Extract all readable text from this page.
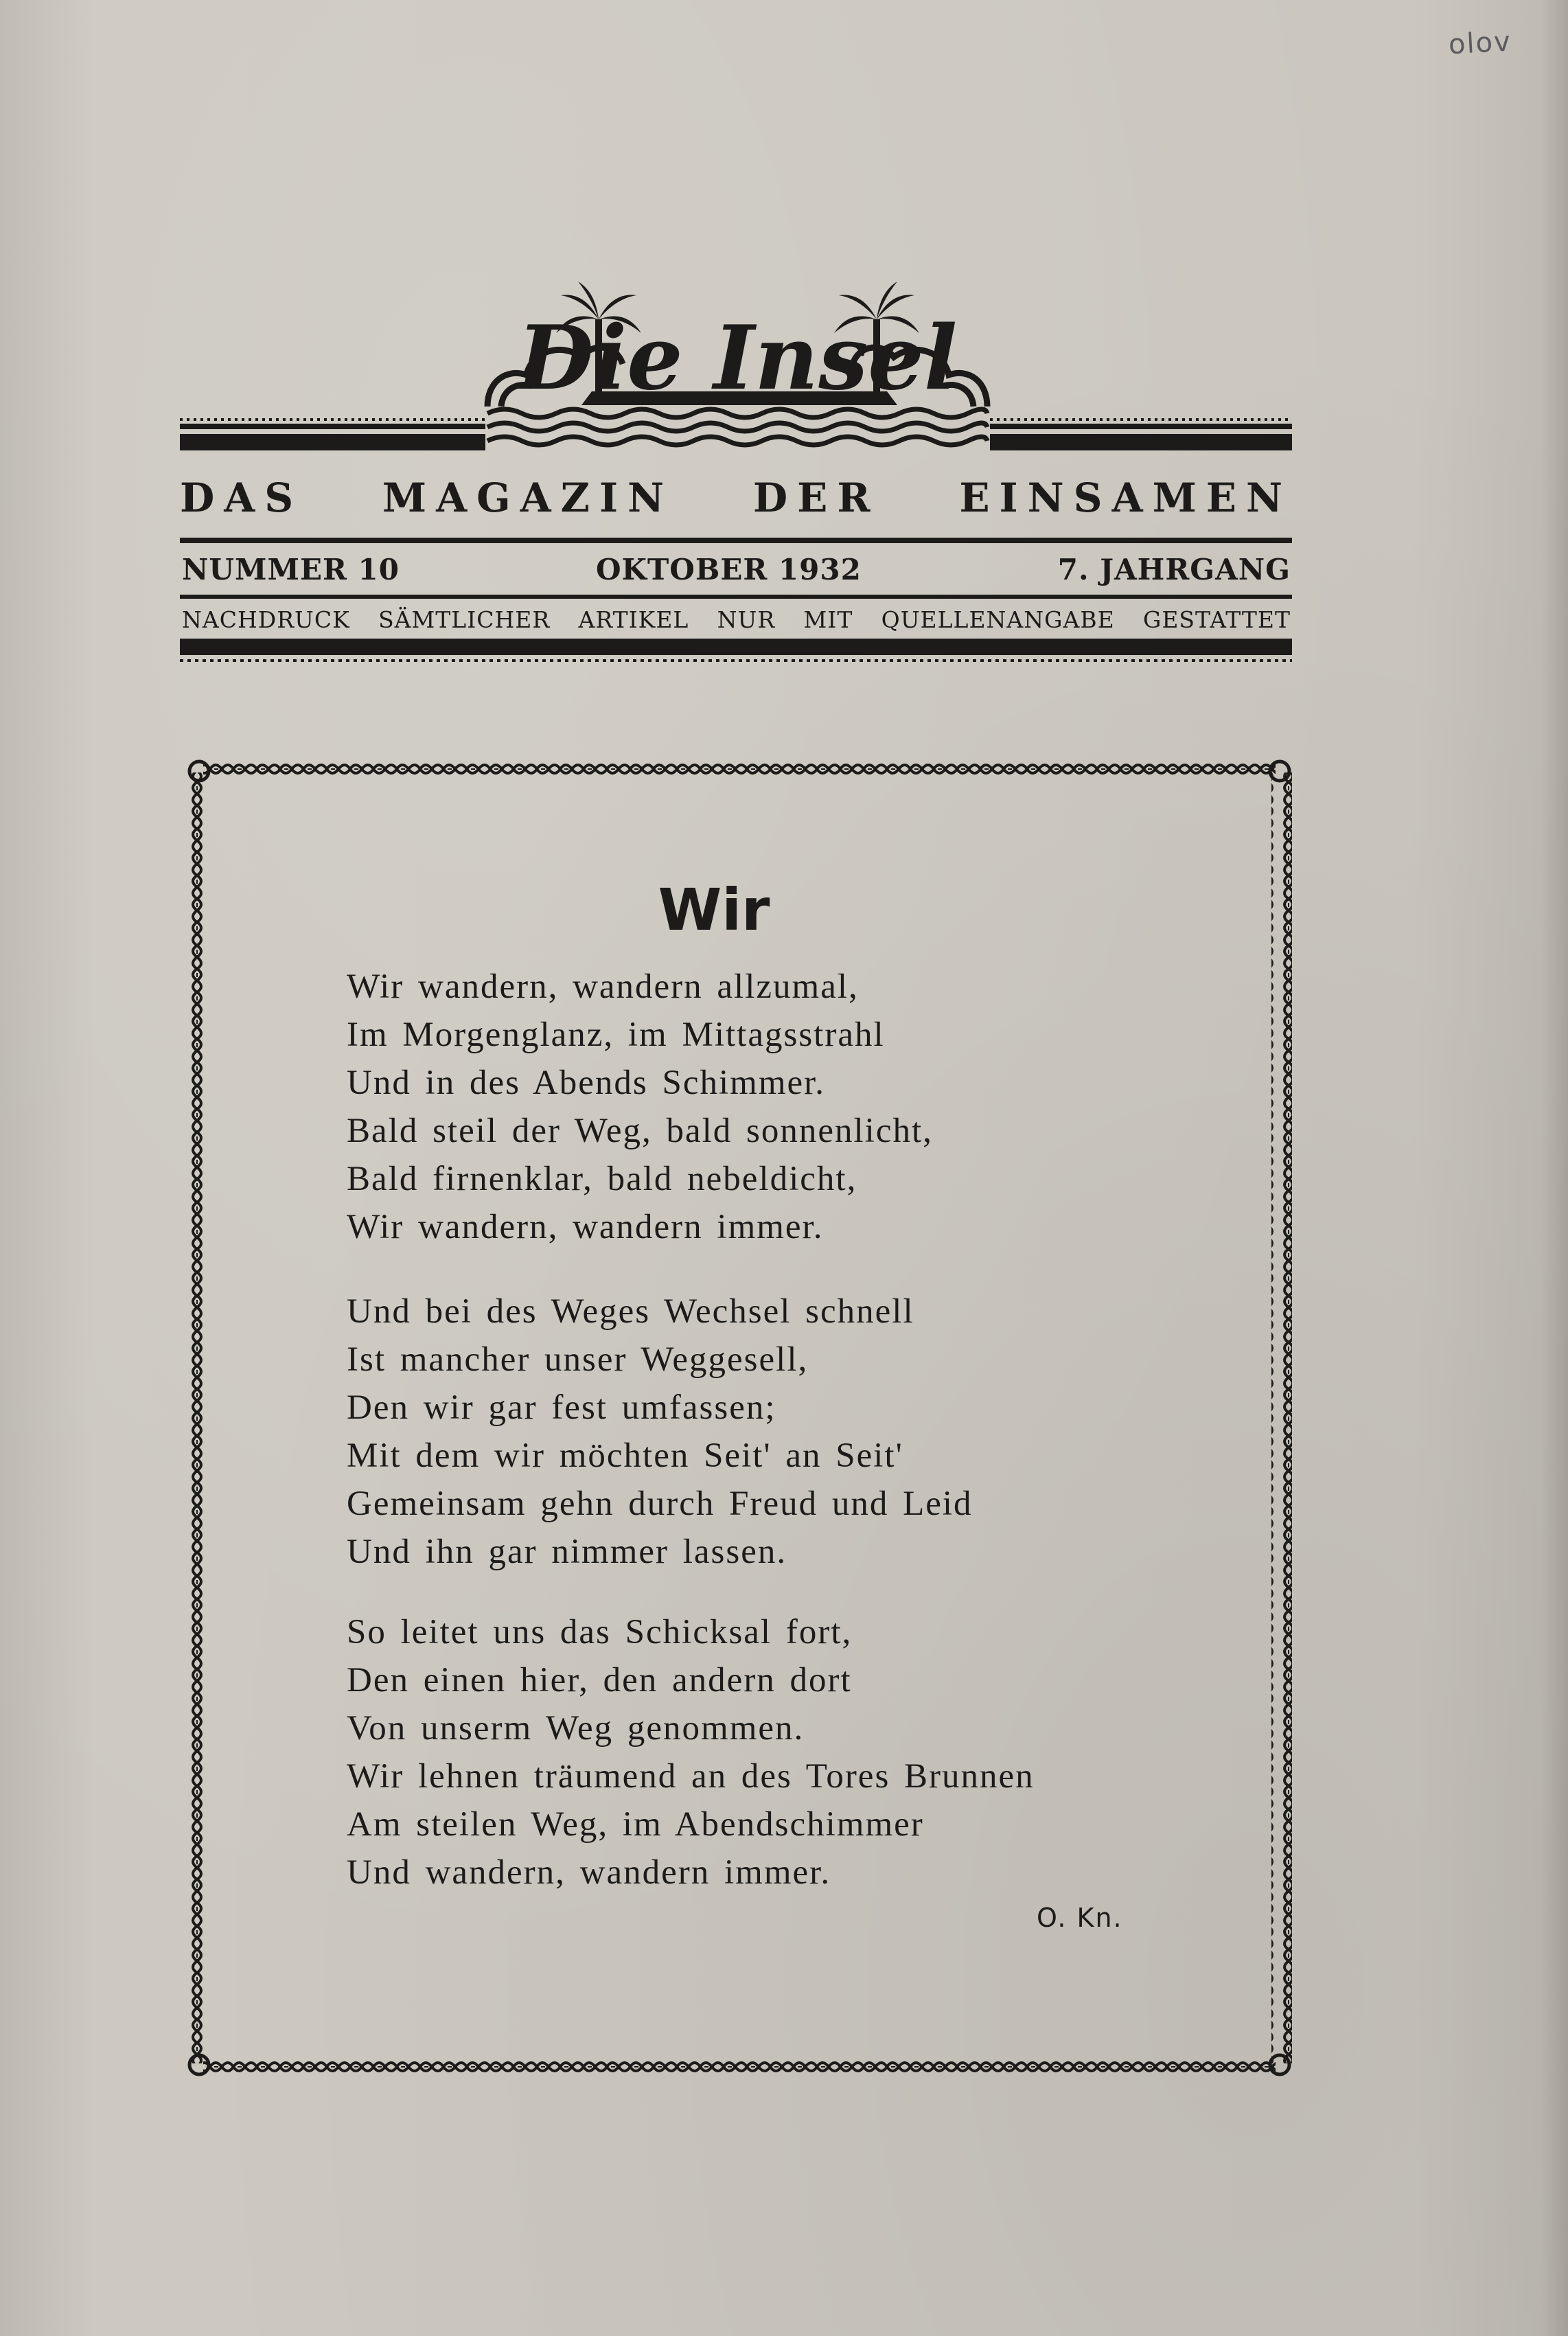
olov
Die Insel
DAS MAGAZIN DER EINSAMEN
NUMMER 10	OKTOBER 1932	7. JAHRGANG
NACHDRUCK SÄMTLICHER ARTIKEL NUR MIT QUELLENANGABE GESTATTET
Wir
Wir wandern, wandern allzumal,
Im Morgenglanz, im Mittagsstrahl
Und in des Abends Schimmer.
Bald steil der Weg, bald sonnenlicht,
Bald firnenklar, bald nebeldicht,
Wir wandern, wandern immer.
Und bei des Weges Wechsel schnell
Ist mancher unser Weggesell,
Den wir gar fest umfassen;
Mit dem wir möchten Seit' an Seit'
Gemeinsam gehn durch Freud und Leid
Und ihn gar nimmer lassen.
So leitet uns das Schicksal fort,
Den einen hier, den andern dort
Von unserm Weg genommen.
Wir lehnen träumend an des Tores Brunnen
Am steilen Weg, im Abendschimmer
Und wandern, wandern immer.
O. Kn.
